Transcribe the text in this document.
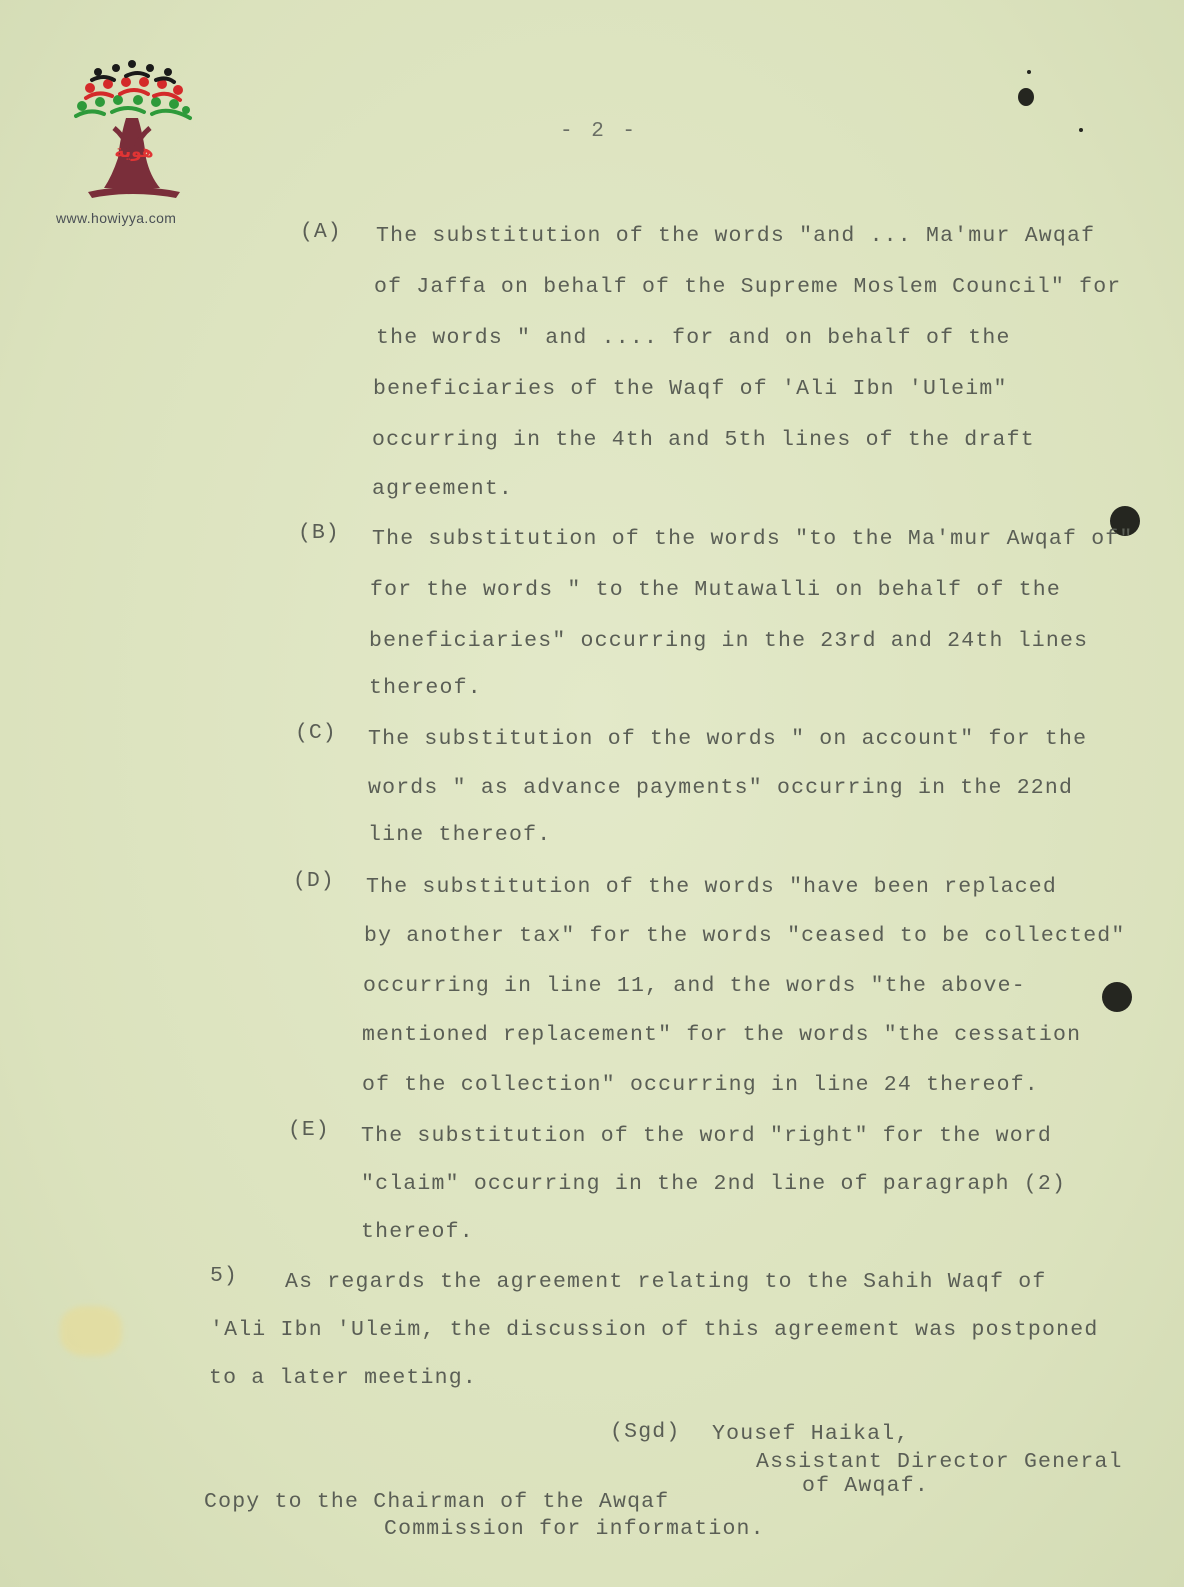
هوية
www.howiyya.com
- 2 -
(A) The substitution of the words "and ... Ma'mur Awqaf
of Jaffa on behalf of the Supreme Moslem Council" for
the words " and .... for and on behalf of the
beneficiaries of the Waqf of 'Ali Ibn 'Uleim"
occurring in the 4th and 5th lines of the draft
agreement.
(B) The substitution of the words "to the Ma'mur Awqaf of"
for the words " to the Mutawalli on behalf of the
beneficiaries" occurring in the 23rd and 24th lines
thereof.
(C) The substitution of the words " on account" for the
words " as advance payments" occurring in the 22nd
line thereof.
(D) The substitution of the words "have been replaced
by another tax" for the words "ceased to be collected"
occurring in line 11, and the words "the above-
mentioned replacement" for the words "the cessation
of the collection" occurring in line 24 thereof.
(E) The substitution of the word "right" for the word
"claim" occurring in the 2nd line of paragraph (2)
thereof.
5) As regards the agreement relating to the Sahih Waqf of
'Ali Ibn 'Uleim, the discussion of this agreement was postponed
to a later meeting.
(Sgd) Yousef Haikal,
Assistant Director General
of Awqaf.
Copy to the Chairman of the Awqaf
Commission for information.
